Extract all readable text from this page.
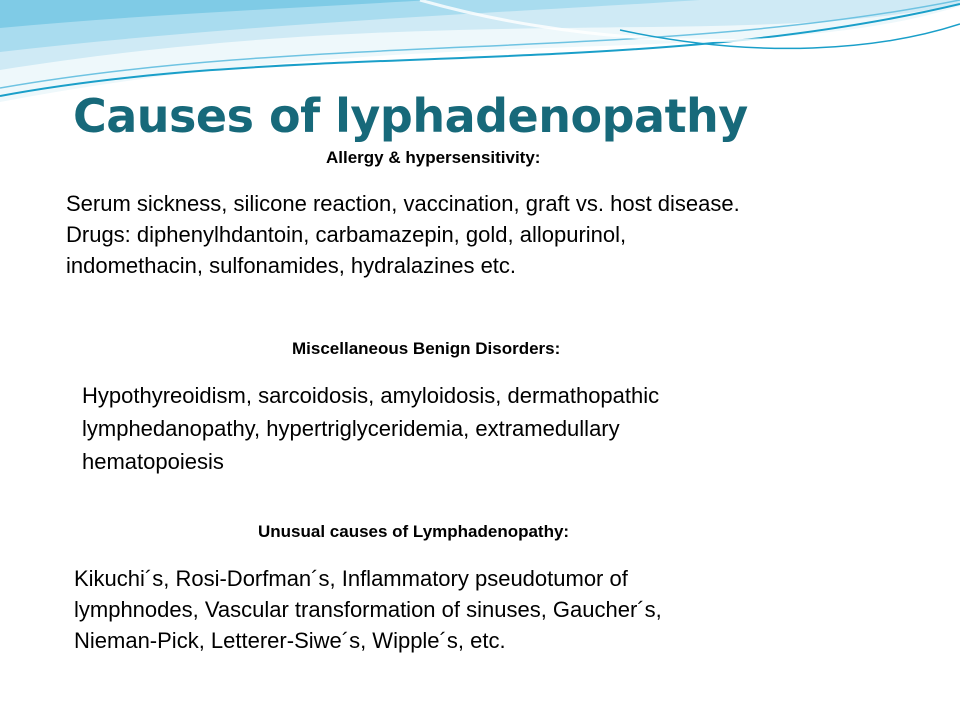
Causes of lyphadenopathy
Allergy & hypersensitivity:

Serum sickness, silicone reaction, vaccination, graft vs. host disease.
Drugs: diphenylhdantoin, carbamazepin, gold, allopurinol,
indomethacin, sulfonamides, hydralazines etc.

Miscellaneous Benign Disorders:

Hypothyreoidism, sarcoidosis, amyloidosis, dermathopathic
lymphedanopathy, hypertriglyceridemia, extramedullary
hematopoiesis

Unusual causes of Lymphadenopathy:

Kikuchi´s, Rosi-Dorfman´s, Inflammatory pseudotumor of
lymphnodes, Vascular transformation of sinuses, Gaucher´s,
Nieman-Pick, Letterer-Siwe´s, Wipple´s, etc.
